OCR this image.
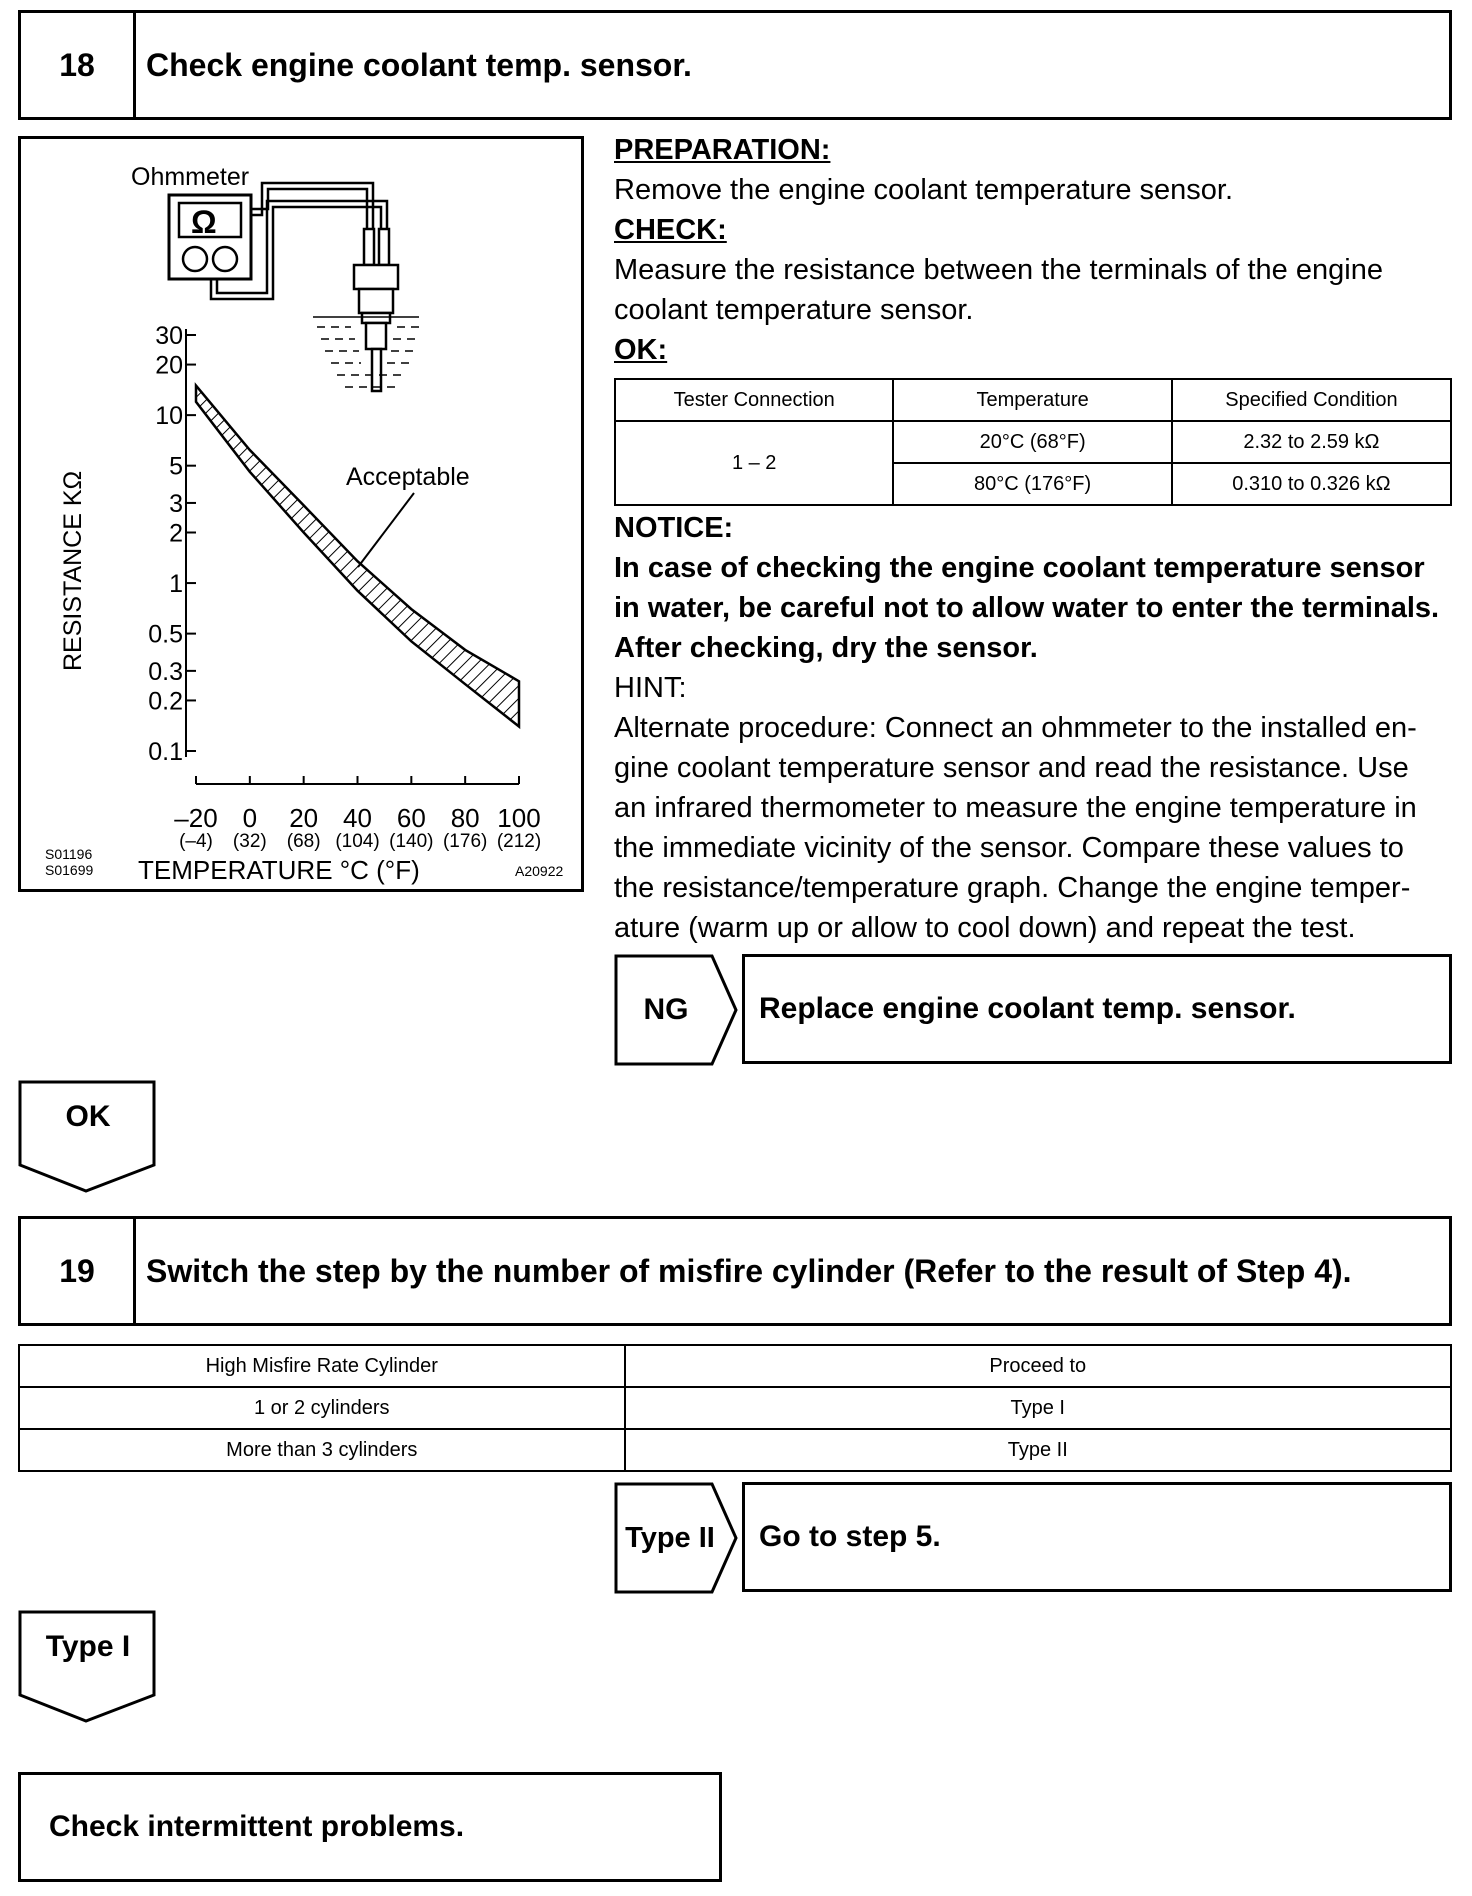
18	Check engine coolant temp. sensor.
Ohmmeter
Ω
30
20
10
5
3
2
1
0.5
0.3
0.2
0.1
–20
(–4)
0
(32)
20
(68)
40
(104)
60
(140)
80
(176)
100
(212)
Acceptable
RESISTANCE KΩ
TEMPERATURE °C (°F)
S01196
S01699	A20922
PREPARATION:
Remove the engine coolant temperature sensor.
CHECK:
Measure the resistance between the terminals of the engine
coolant temperature sensor.
OK:
Tester Connection	Temperature	Specified Condition
1 – 2	20°C (68°F)	2.32 to 2.59 kΩ
	80°C (176°F)	0.310 to 0.326 kΩ
NOTICE:
In case of checking the engine coolant temperature sensor
in water, be careful not to allow water to enter the terminals.
After checking, dry the sensor.
HINT:
Alternate procedure: Connect an ohmmeter to the installed en-
gine coolant temperature sensor and read the resistance. Use
an infrared thermometer to measure the engine temperature in
the immediate vicinity of the sensor. Compare these values to
the resistance/temperature graph. Change the engine temper-
ature (warm up or allow to cool down) and repeat the test.
NG	Replace engine coolant temp. sensor.
OK
19	Switch the step by the number of misfire cylinder (Refer to the result of Step 4).
High Misfire Rate Cylinder	Proceed to
1 or 2 cylinders	Type I
More than 3 cylinders	Type II
Type II	Go to step 5.
Type I
Check intermittent problems.
